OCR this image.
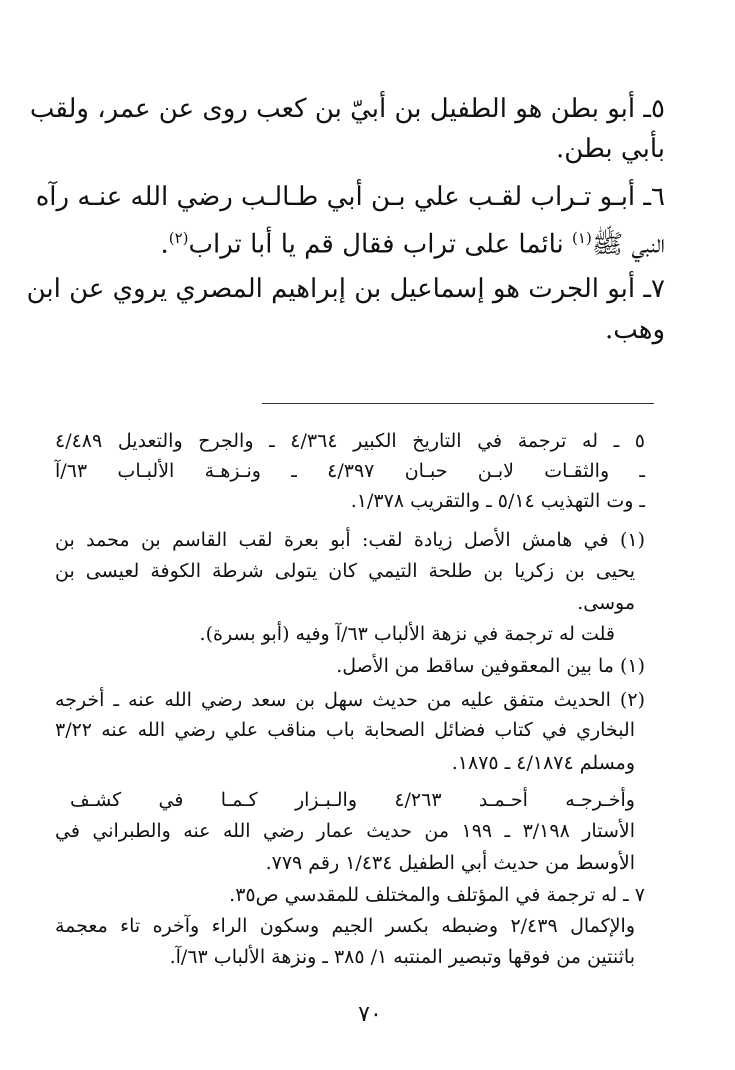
٥ـ أبو بطن هو الطفيل بن أبيّ بن كعب روى عن عمر، ولقب
بأبي بطن.
٦ـ أبـو تـراب لقـب علي بـن أبي طـالـب رضي الله عنـه رآه
النبي ﷺ$^{(١)}$ نائما على تراب فقال قم يا أبا تراب$^{(٢)}$.
٧ـ أبو الجرت هو إسماعيل بن إبراهيم المصري يروي عن ابن
وهب.
٥ ـ له ترجمة في التاريخ الكبير ٤/٣٦٤ ـ والجرح والتعديل ٤/٤٨٩
ـ والثقـات لابـن حبـان ٤/٣٩٧ ـ ونـزهـة الألبـاب ٦٣/آ
ـ وت التهذيب ٥/١٤ ـ والتقريب ١/٣٧٨.
(١) في هامش الأصل زيادة لقب: أبو بعرة لقب القاسم بن محمد بن
يحيى بن زكريا بن طلحة التيمي كان يتولى شرطة الكوفة لعيسى بن
موسى.
قلت له ترجمة في نزهة الألباب ٦٣/آ وفيه (أبو بسرة).
(١) ما بين المعقوفين ساقط من الأصل.
(٢) الحديث متفق عليه من حديث سهل بن سعد رضي الله عنه ـ أخرجه
البخاري في كتاب فضائل الصحابة باب مناقب علي رضي الله عنه ٣/٢٢
ومسلم ٤/١٨٧٤ ـ ١٨٧٥.
وأخـرجـه أحـمـد ٤/٢٦٣ والـبـزار كـمـا في كشـف
الأستار ٣/١٩٨ ـ ١٩٩ من حديث عمار رضي الله عنه والطبراني في
الأوسط من حديث أبي الطفيل ١/٤٣٤ رقم ٧٧٩.
٧ ـ له ترجمة في المؤتلف والمختلف للمقدسي ص٣٥.
والإكمال ٢/٤٣٩ وضبطه بكسر الجيم وسكون الراء وآخره تاء معجمة
باثنتين من فوقها وتبصير المنتبه ١/ ٣٨٥ ـ ونزهة الألباب ٦٣/آ.
٧٠
